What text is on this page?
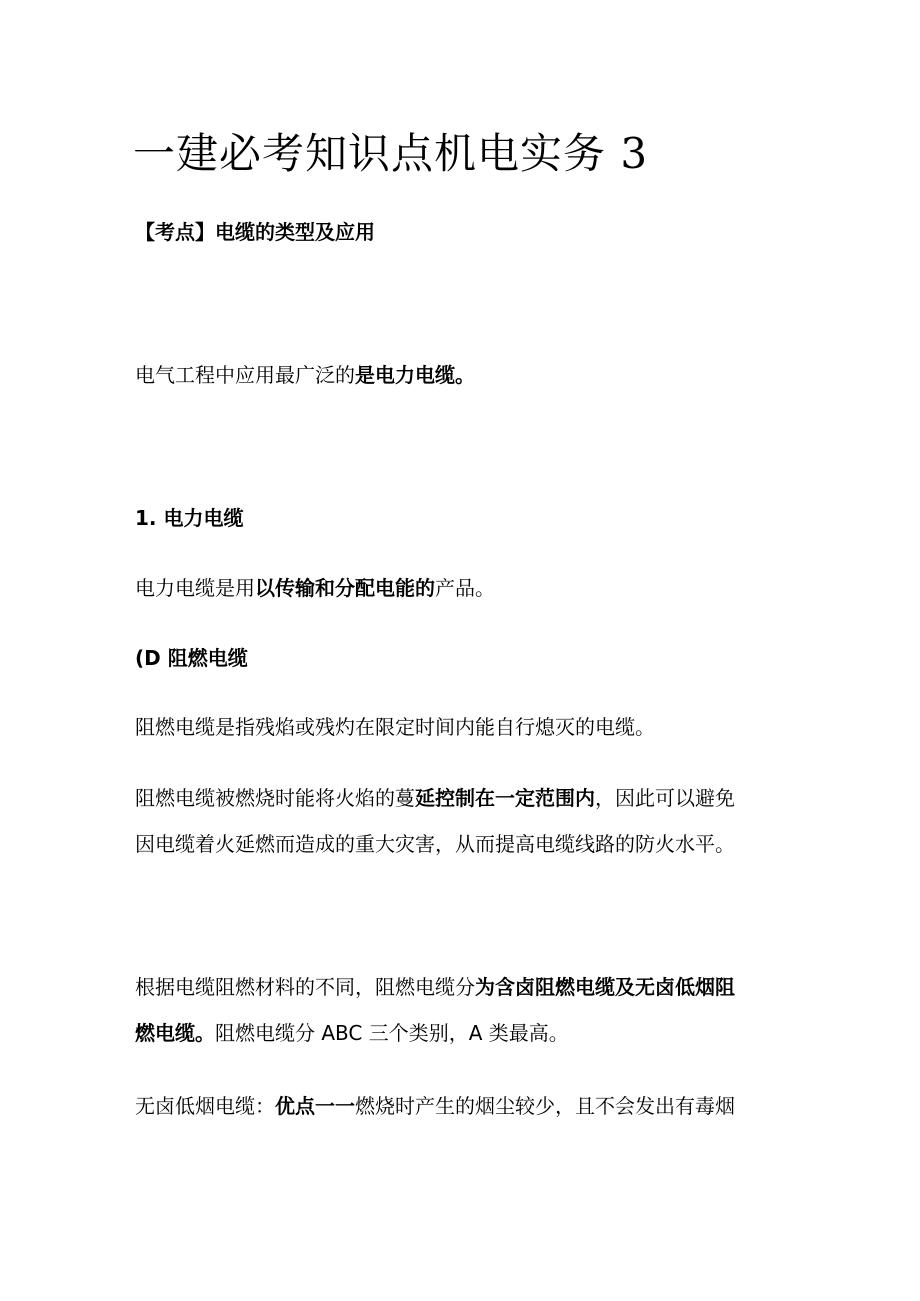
一建必考知识点机电实务 3

【考点】电缆的类型及应用

电气工程中应用最广泛的是电力电缆。

1. 电力电缆

电力电缆是用以传输和分配电能的产品。

(D 阻燃电缆

阻燃电缆是指残焰或残灼在限定时间内能自行熄灭的电缆。

阻燃电缆被燃烧时能将火焰的蔓延控制在一定范围内，因此可以避免

因电缆着火延燃而造成的重大灾害，从而提高电缆线路的防火水平。

根据电缆阻燃材料的不同，阻燃电缆分为含卤阻燃电缆及无卤低烟阻

燃电缆。阻燃电缆分 ABC 三个类别，A 类最高。

无卤低烟电缆：优点一一燃烧时产生的烟尘较少，且不会发出有毒烟
